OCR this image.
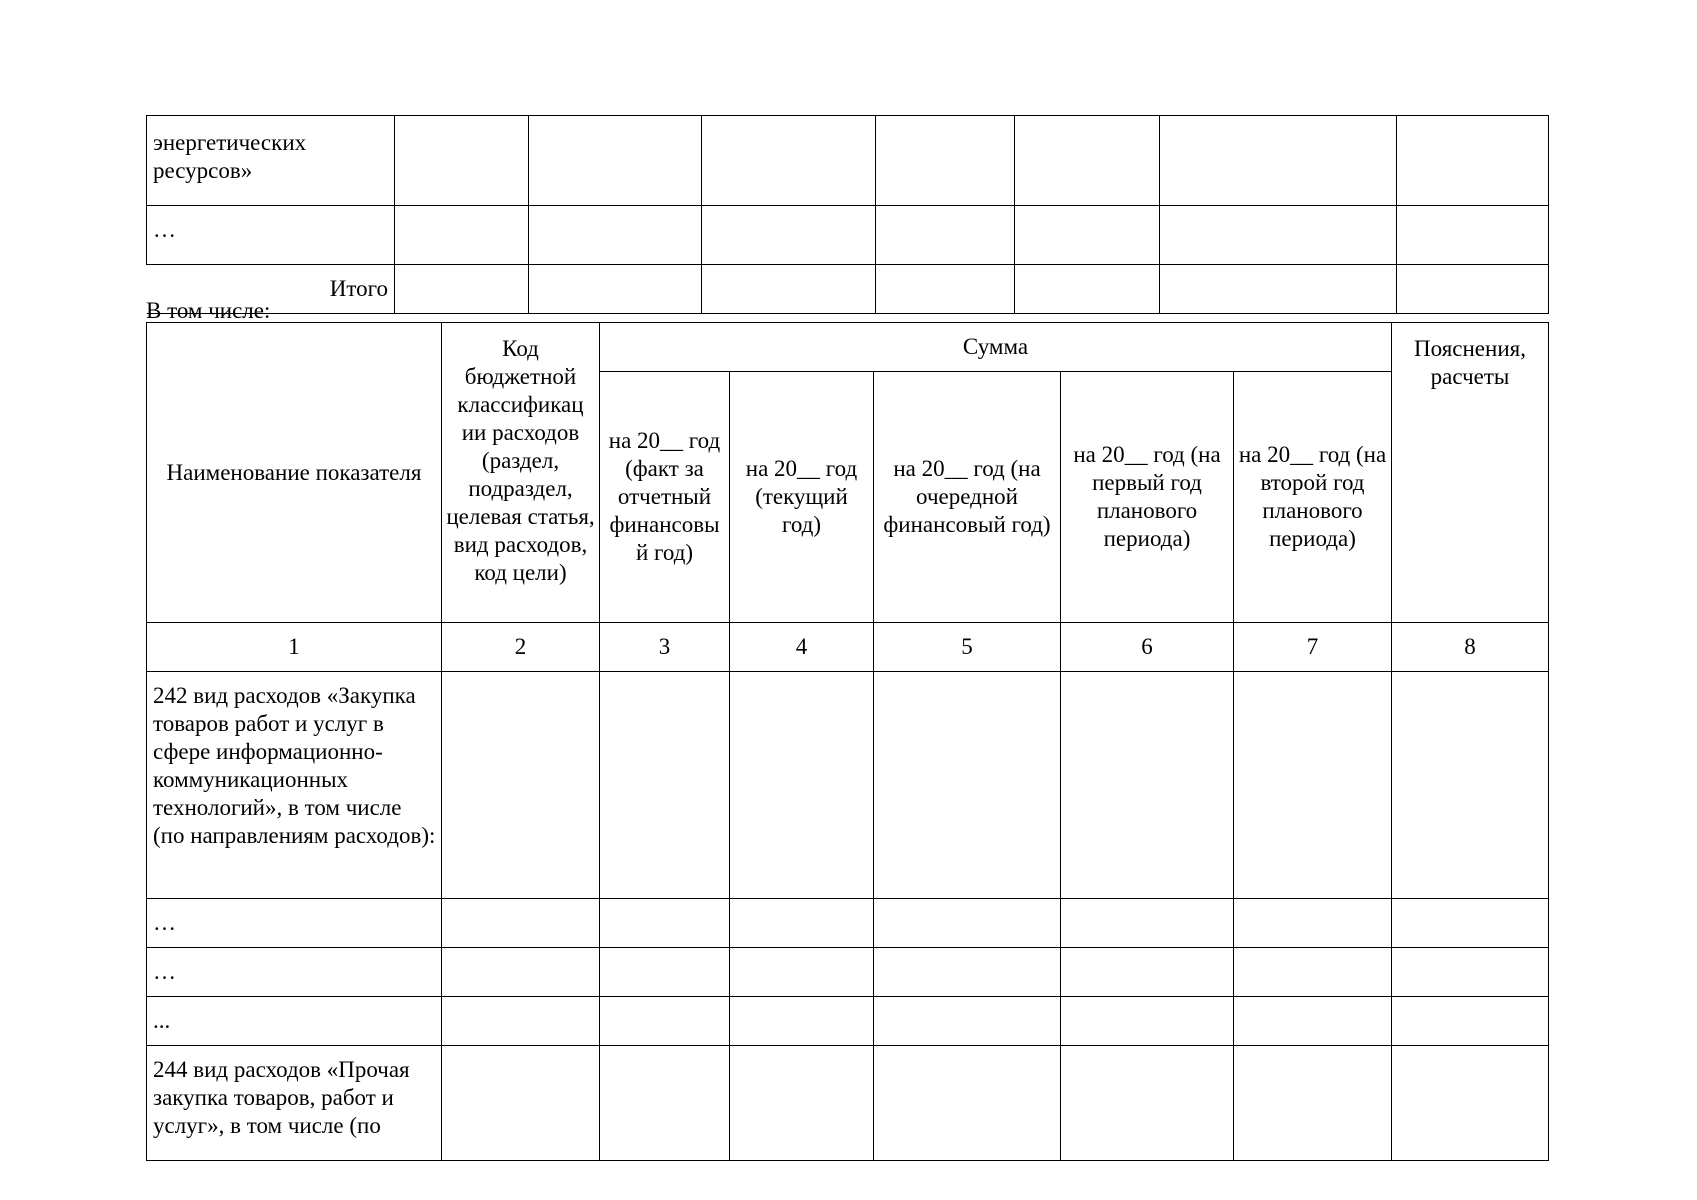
энергетических ресурсов»							
…							
Итого							
В том числе:
Наименование показателя	Код бюджетной классификац ии расходов (раздел, подраздел, целевая статья, вид расходов, код цели)	Сумма					Пояснения, расчеты
		на 20__ год (факт за отчетный финансовы й год)	на 20__ год (текущий год)	на 20__ год (на очередной финансовый год)	на 20__ год (на первый год планового периода)	на 20__ год (на второй год планового периода)	
1	2	3	4	5	6	7	8
242 вид расходов «Закупка товаров работ и услуг в сфере информационно-коммуникационных технологий», в том числе (по направлениям расходов):							
…							
…							
...							
244 вид расходов «Прочая закупка товаров, работ и услуг», в том числе (по							
